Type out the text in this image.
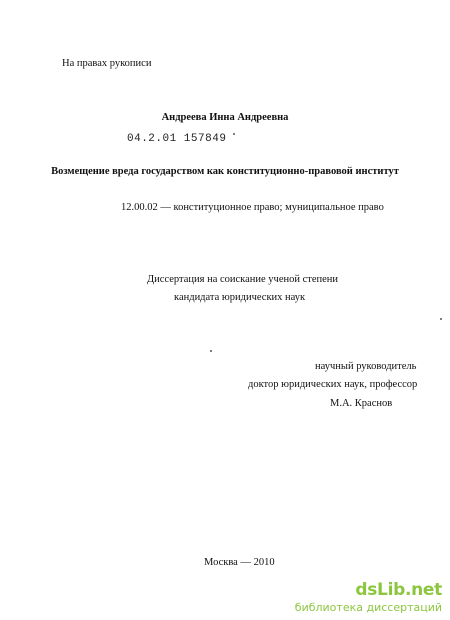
На правах рукописи
Андреева Инна Андреевна
04.2.01 157849
Возмещение вреда государством как конституционно-правовой институт
12.00.02 — конституционное право; муниципальное право
Диссертация на соискание ученой степени
кандидата юридических наук
научный руководитель
доктор юридических наук, профессор
М.А. Краснов
Москва — 2010
dsLib.net
библиотека диссертаций
